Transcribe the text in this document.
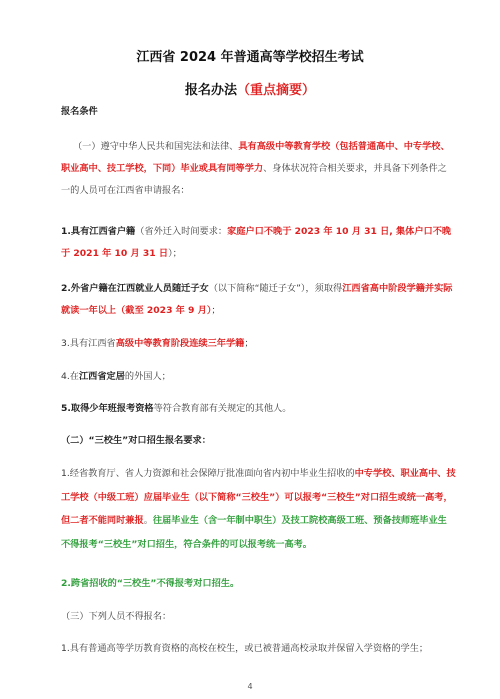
江西省 2024 年普通高等学校招生考试
报名办法（重点摘要）

报名条件

（一）遵守中华人民共和国宪法和法律、具有高级中等教育学校（包括普通高中、中专学校、职业高中、技工学校，下同）毕业或具有同等学力、身体状况符合相关要求，并具备下列条件之一的人员可在江西省申请报名：

1.具有江西省户籍（省外迁入时间要求：家庭户口不晚于 2023 年 10 月 31 日, 集体户口不晚于 2021 年 10 月 31 日）；

2.外省户籍在江西就业人员随迁子女（以下简称“随迁子女”），须取得江西省高中阶段学籍并实际就读一年以上（截至 2023 年 9 月）；

3.具有江西省高级中等教育阶段连续三年学籍；

4.在江西省定居的外国人；

5.取得少年班报考资格等符合教育部有关规定的其他人。

（二）“三校生”对口招生报名要求：

1.经省教育厅、省人力资源和社会保障厅批准面向省内初中毕业生招收的中专学校、职业高中、技工学校（中级工班）应届毕业生（以下简称“三校生”）可以报考“三校生”对口招生或统一高考，但二者不能同时兼报。往届毕业生（含一年制中职生）及技工院校高级工班、预备技师班毕业生不得报考“三校生”对口招生，符合条件的可以报考统一高考。

2.跨省招收的“三校生”不得报考对口招生。

（三）下列人员不得报名：

1.具有普通高等学历教育资格的高校在校生，或已被普通高校录取并保留入学资格的学生；

4
